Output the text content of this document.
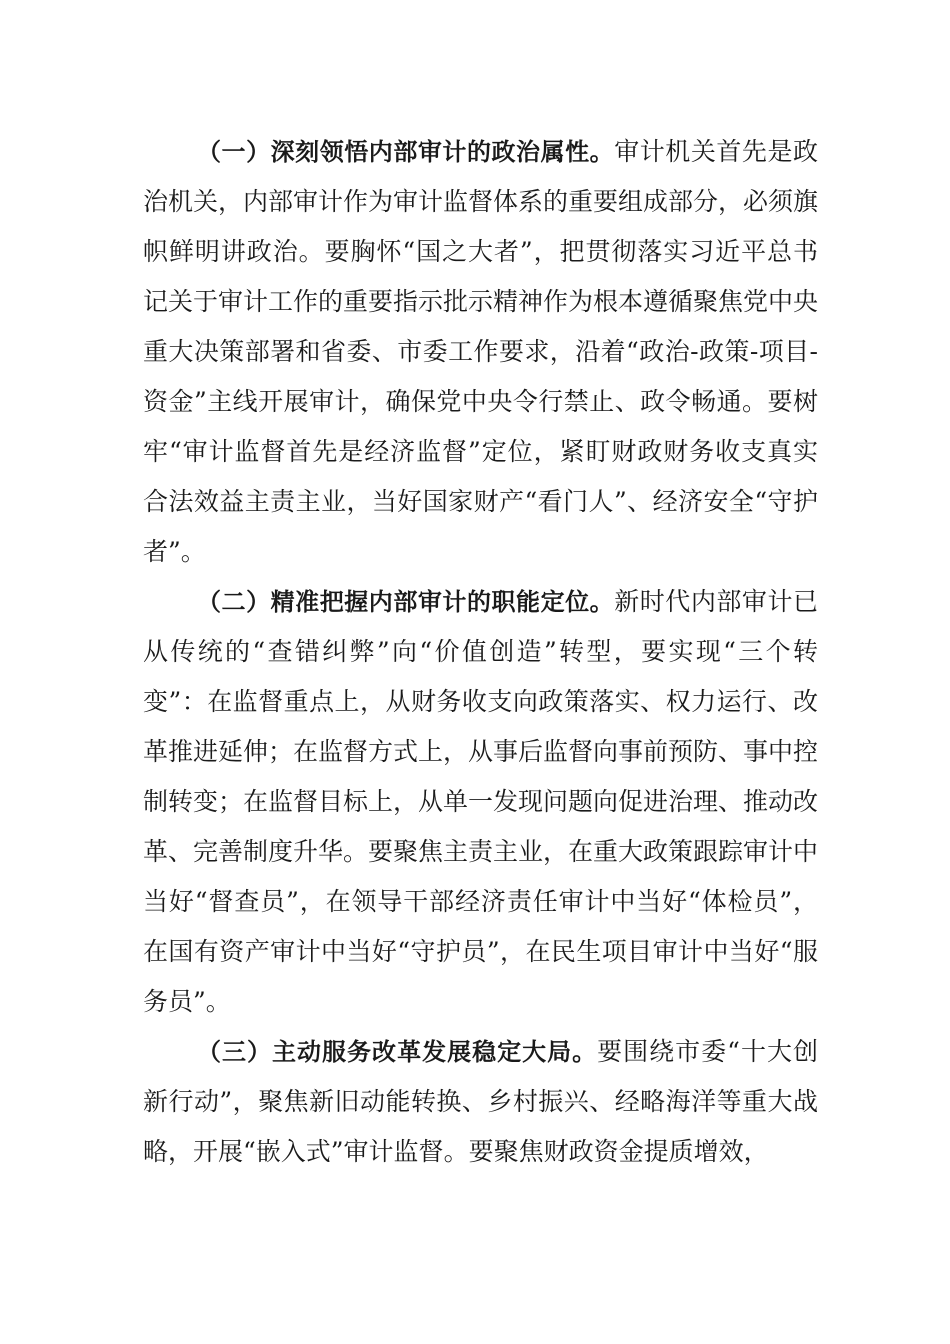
（一）深刻领悟内部审计的政治属性。审计机关首先是政治机关，内部审计作为审计监督体系的重要组成部分，必须旗帜鲜明讲政治。要胸怀“国之大者”，把贯彻落实习近平总书记关于审计工作的重要指示批示精神作为根本遵循聚焦党中央重大决策部署和省委、市委工作要求，沿着“政治-政策-项目-资金”主线开展审计，确保党中央令行禁止、政令畅通。要树牢“审计监督首先是经济监督”定位，紧盯财政财务收支真实合法效益主责主业，当好国家财产“看门人”、经济安全“守护者”。

（二）精准把握内部审计的职能定位。新时代内部审计已从传统的“查错纠弊”向“价值创造”转型，要实现“三个转变”：在监督重点上，从财务收支向政策落实、权力运行、改革推进延伸；在监督方式上，从事后监督向事前预防、事中控制转变；在监督目标上，从单一发现问题向促进治理、推动改革、完善制度升华。要聚焦主责主业，在重大政策跟踪审计中当好“督查员”，在领导干部经济责任审计中当好“体检员”，在国有资产审计中当好“守护员”，在民生项目审计中当好“服务员”。

（三）主动服务改革发展稳定大局。要围绕市委“十大创新行动”，聚焦新旧动能转换、乡村振兴、经略海洋等重大战略，开展“嵌入式”审计监督。要聚焦财政资金提质增效，
